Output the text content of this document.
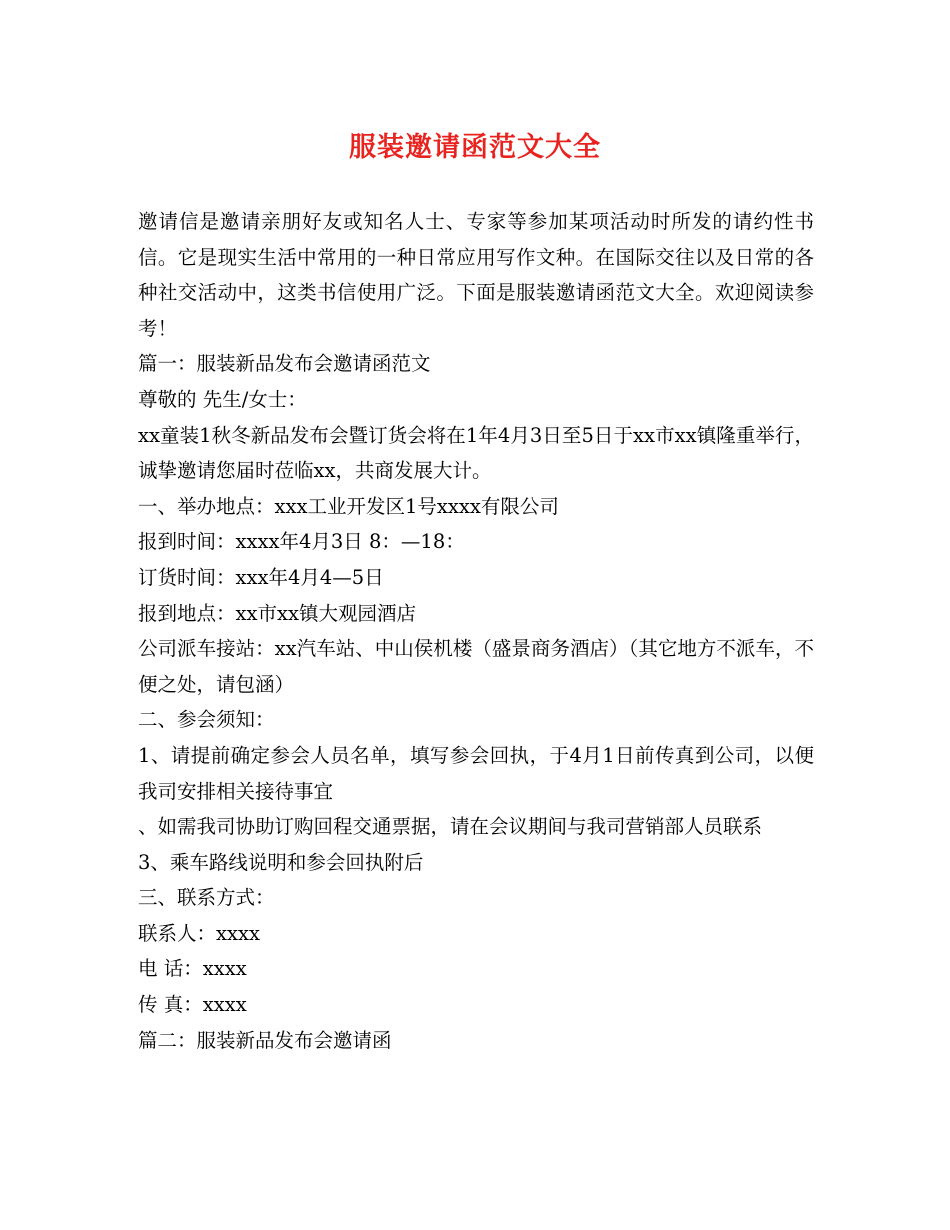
服装邀请函范文大全

邀请信是邀请亲朋好友或知名人士、专家等参加某项活动时所发的请约性书信。它是现实生活中常用的一种日常应用写作文种。在国际交往以及日常的各种社交活动中，这类书信使用广泛。下面是服装邀请函范文大全。欢迎阅读参考！

篇一：服装新品发布会邀请函范文

尊敬的 先生/女士：

xx童装1秋冬新品发布会暨订货会将在1年4月3日至5日于xx市xx镇隆重举行，诚挚邀请您届时莅临xx，共商发展大计。

一、举办地点：xxx工业开发区1号xxxx有限公司

报到时间：xxxx年4月3日 8：—18：

订货时间：xxx年4月4—5日

报到地点：xx市xx镇大观园酒店

公司派车接站：xx汽车站、中山侯机楼（盛景商务酒店）（其它地方不派车，不便之处，请包涵）

二、参会须知：

1、请提前确定参会人员名单，填写参会回执，于4月1日前传真到公司，以便我司安排相关接待事宜

、如需我司协助订购回程交通票据，请在会议期间与我司营销部人员联系

3、乘车路线说明和参会回执附后

三、联系方式：

联系人：xxxx

电 话：xxxx

传 真：xxxx

篇二：服装新品发布会邀请函
